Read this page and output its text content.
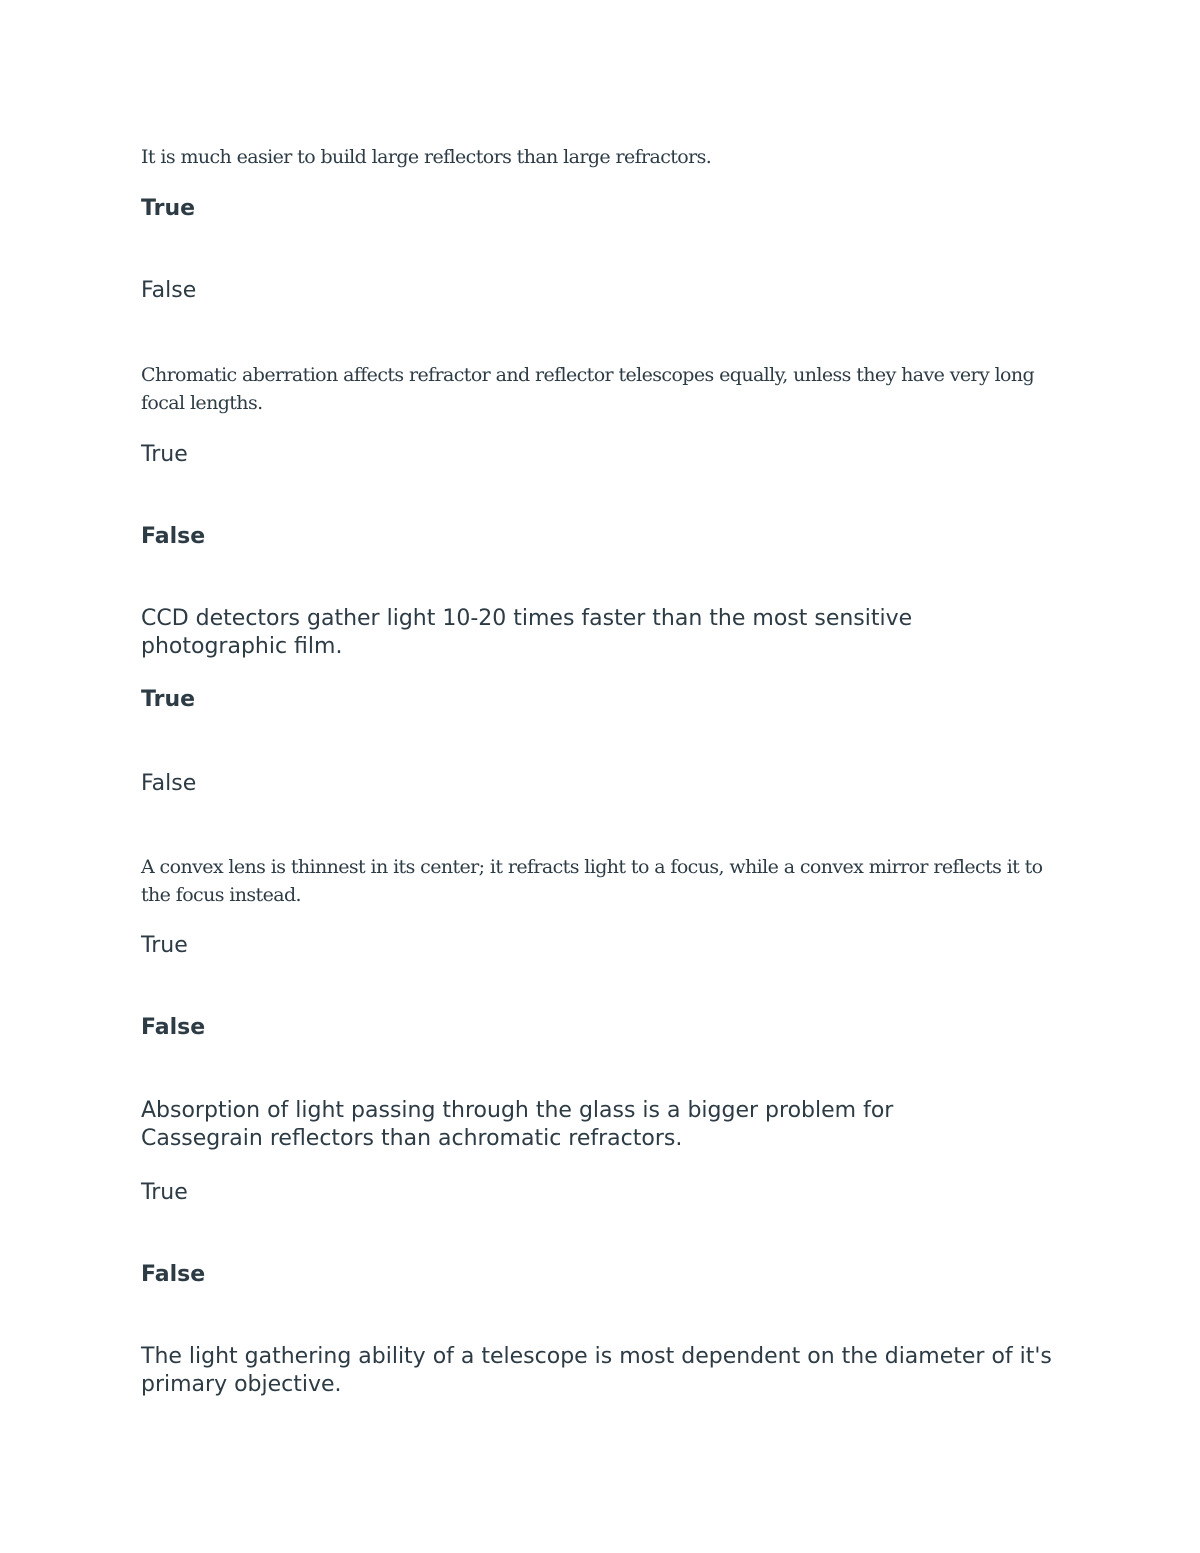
It is much easier to build large reflectors than large refractors.

True
False

Chromatic aberration affects refractor and reflector telescopes equally, unless they have very long focal lengths.

True
False

CCD detectors gather light 10-20 times faster than the most sensitive photographic film.

True
False

A convex lens is thinnest in its center; it refracts light to a focus, while a convex mirror reflects it to the focus instead.

True
False

Absorption of light passing through the glass is a bigger problem for Cassegrain reflectors than achromatic refractors.

True
False

The light gathering ability of a telescope is most dependent on the diameter of it's primary objective.
